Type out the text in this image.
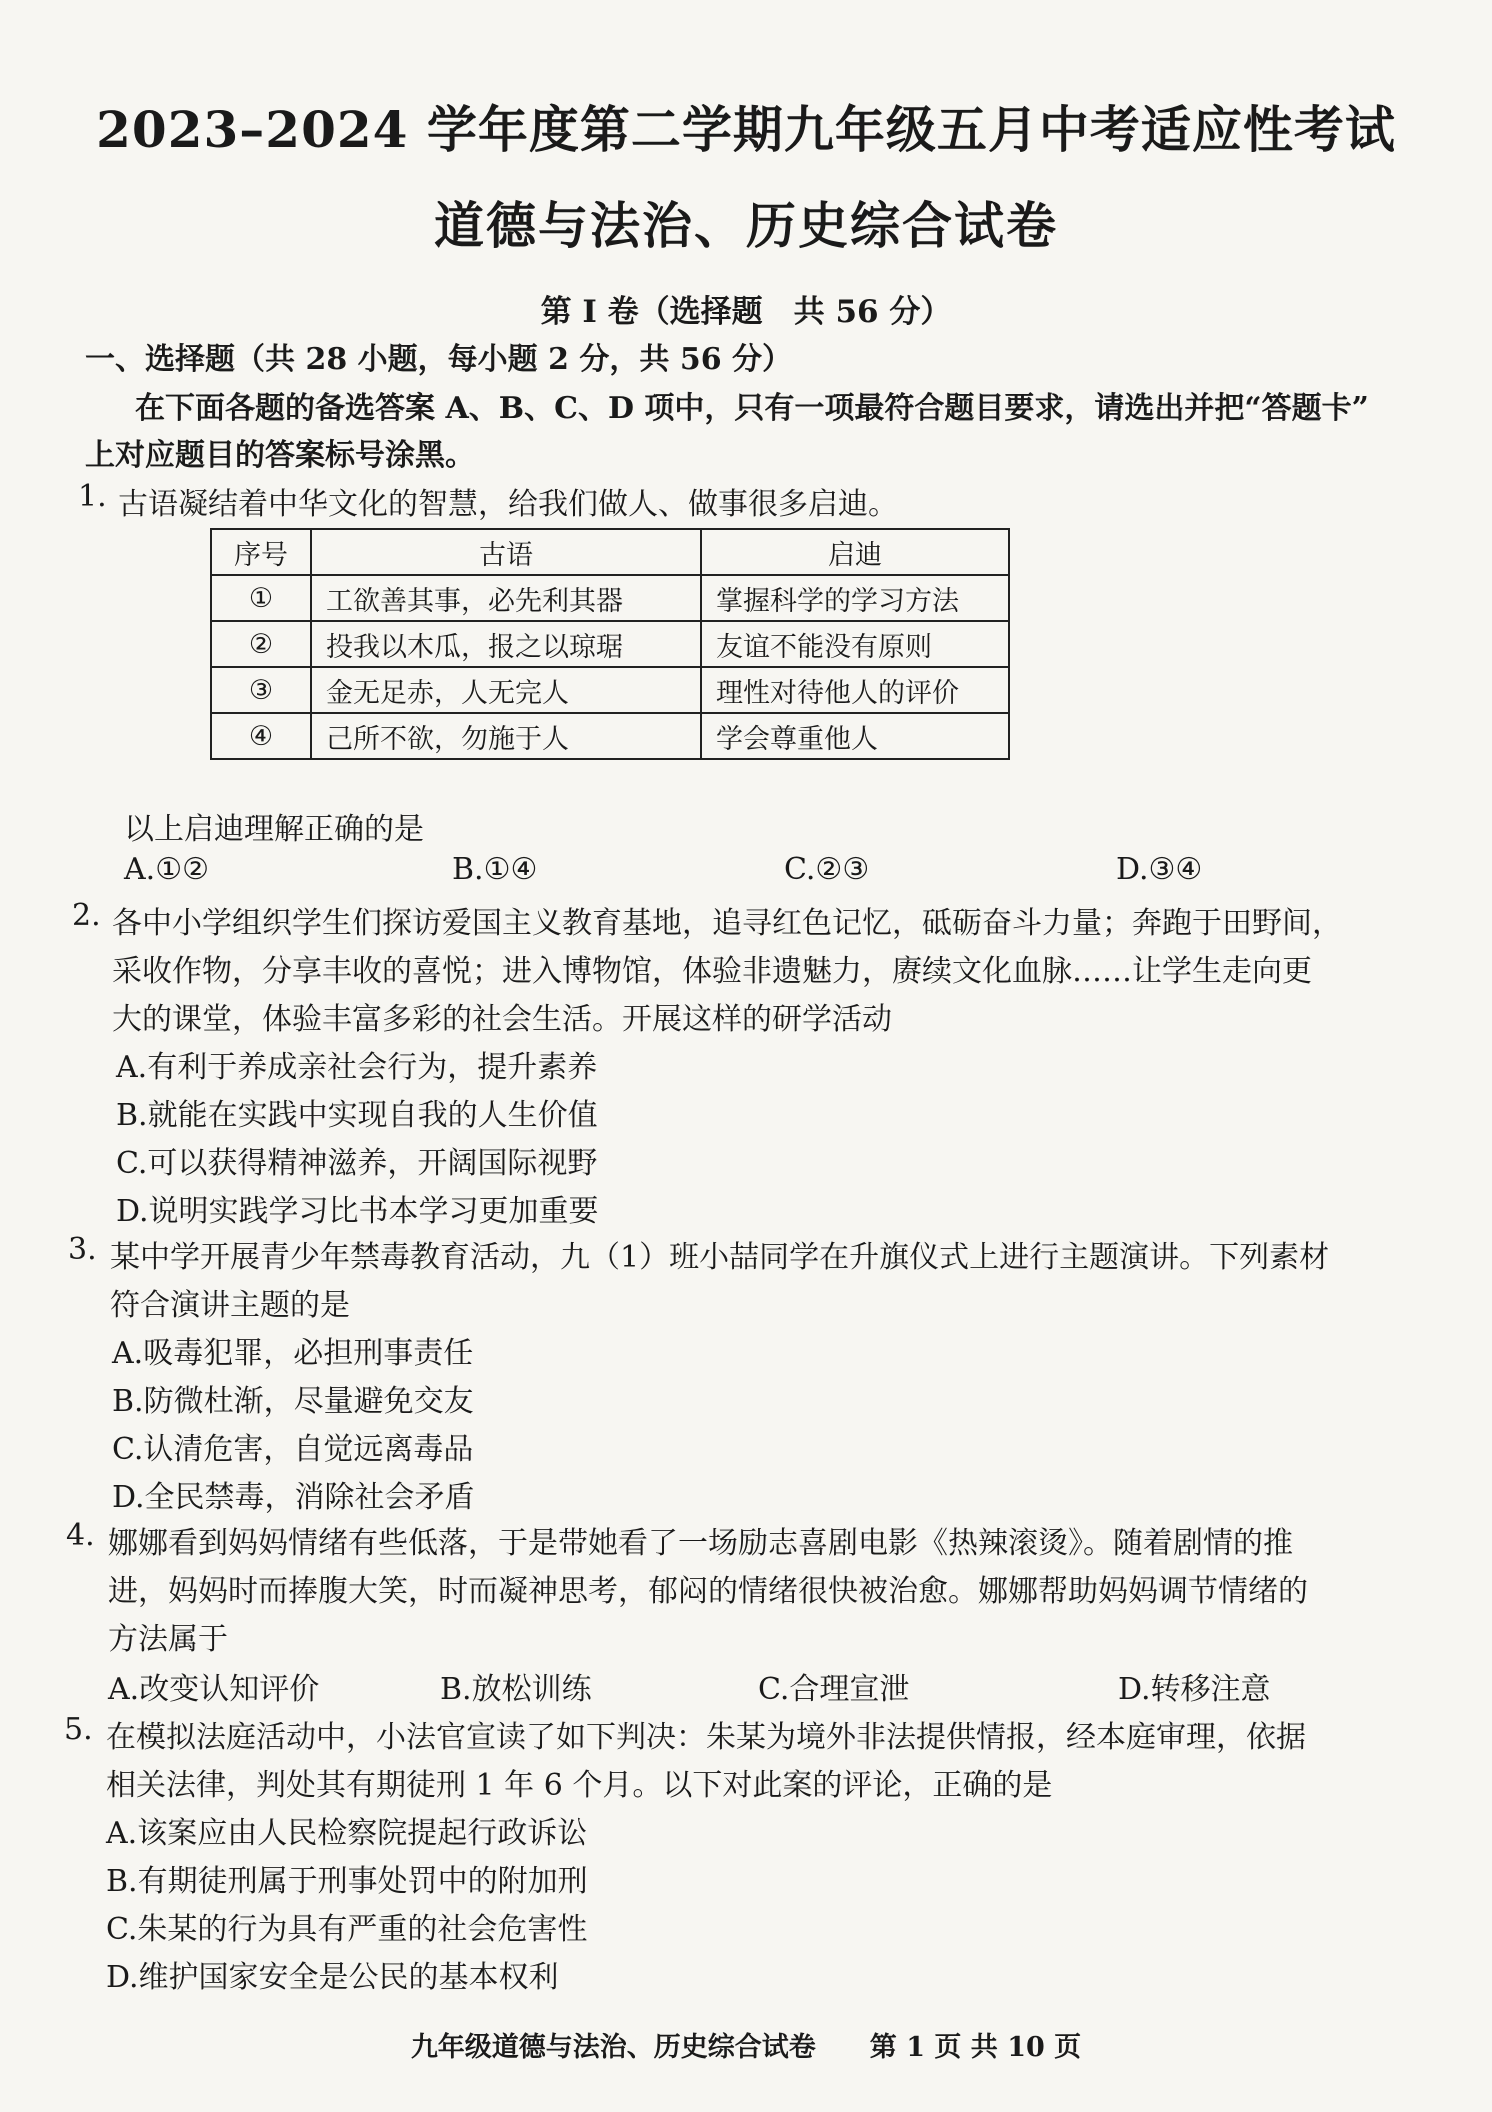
2023–2024 学年度第二学期九年级五月中考适应性考试
道德与法治、历史综合试卷
第 I 卷（选择题　共 56 分）
一、选择题（共 28 小题，每小题 2 分，共 56 分）
在下面各题的备选答案 A、B、C、D 项中，只有一项最符合题目要求，请选出并把“答题卡”
上对应题目的答案标号涂黑。
1. 古语凝结着中华文化的智慧，给我们做人、做事很多启迪。
序号	古语	启迪
①	工欲善其事，必先利其器	掌握科学的学习方法
②	投我以木瓜，报之以琼琚	友谊不能没有原则
③	金无足赤，人无完人	理性对待他人的评价
④	己所不欲，勿施于人	学会尊重他人
以上启迪理解正确的是
A.①②	B.①④	C.②③	D.③④
2. 各中小学组织学生们探访爱国主义教育基地，追寻红色记忆，砥砺奋斗力量；奔跑于田野间，
采收作物，分享丰收的喜悦；进入博物馆，体验非遗魅力，赓续文化血脉……让学生走向更
大的课堂，体验丰富多彩的社会生活。开展这样的研学活动
A.有利于养成亲社会行为，提升素养
B.就能在实践中实现自我的人生价值
C.可以获得精神滋养，开阔国际视野
D.说明实践学习比书本学习更加重要
3. 某中学开展青少年禁毒教育活动，九（1）班小喆同学在升旗仪式上进行主题演讲。下列素材
符合演讲主题的是
A.吸毒犯罪，必担刑事责任
B.防微杜渐，尽量避免交友
C.认清危害，自觉远离毒品
D.全民禁毒，消除社会矛盾
4. 娜娜看到妈妈情绪有些低落，于是带她看了一场励志喜剧电影《热辣滚烫》。随着剧情的推
进，妈妈时而捧腹大笑，时而凝神思考，郁闷的情绪很快被治愈。娜娜帮助妈妈调节情绪的
方法属于
A.改变认知评价	B.放松训练	C.合理宣泄	D.转移注意
5. 在模拟法庭活动中，小法官宣读了如下判决：朱某为境外非法提供情报，经本庭审理，依据
相关法律，判处其有期徒刑 1 年 6 个月。以下对此案的评论，正确的是
A.该案应由人民检察院提起行政诉讼
B.有期徒刑属于刑事处罚中的附加刑
C.朱某的行为具有严重的社会危害性
D.维护国家安全是公民的基本权利
九年级道德与法治、历史综合试卷　　第 1 页 共 10 页
